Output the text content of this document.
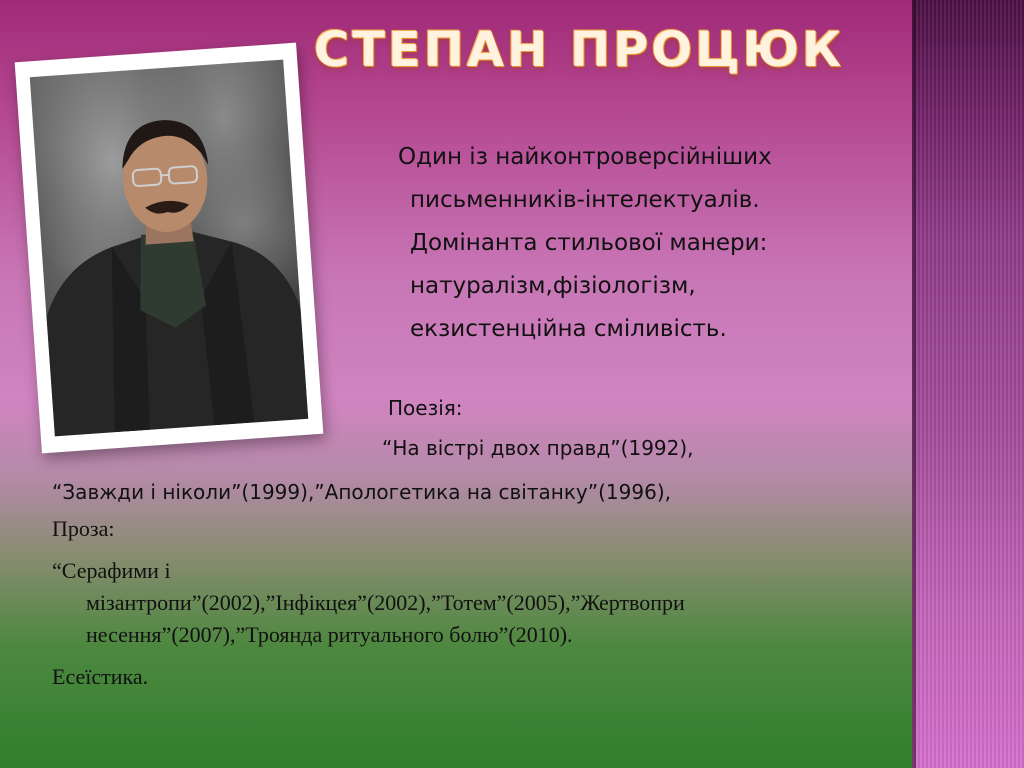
СТЕПАН ПРОЦЮК
Один із найконтроверсійніших
письменників-інтелектуалів.
Домінанта стильової манери:
натуралізм,фізіологізм,
екзистенційна сміливість.
Поезія:
“На вістрі двох правд”(1992),
“Завжди і ніколи”(1999),”Апологетика на світанку”(1996),
Проза:
“Серафими і
мізантропи”(2002),”Інфікцея”(2002),”Тотем”(2005),”Жертвопри
несення”(2007),”Троянда ритуального болю”(2010).
Есеїстика.
